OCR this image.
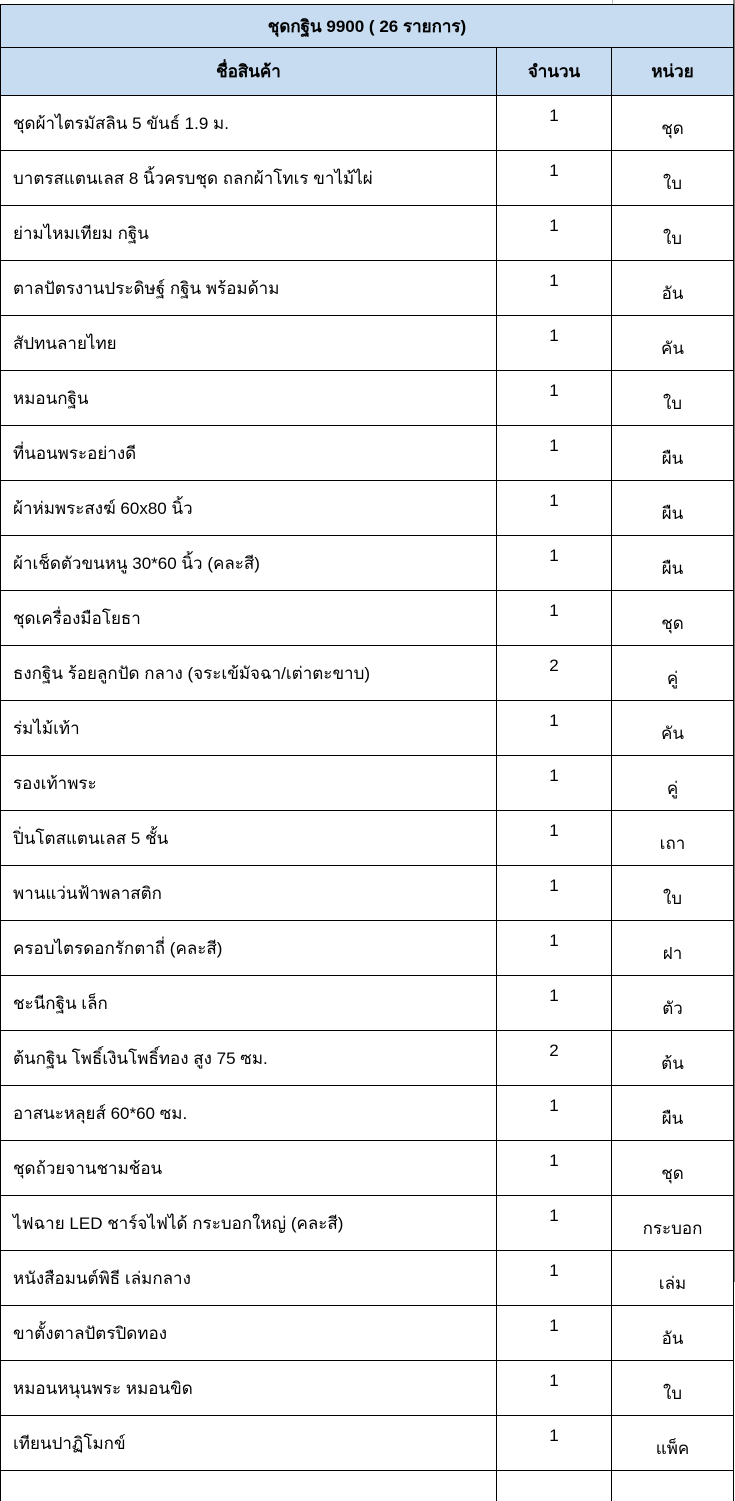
ชุดกฐิน 9900 ( 26 รายการ)		
ชื่อสินค้า	จำนวน	หน่วย
ชุดผ้าไตรมัสลิน 5 ขันธ์ 1.9 ม.	1	ชุด
บาตรสแตนเลส 8 นิ้วครบชุด ถลกผ้าโทเร ขาไม้ไผ่	1	ใบ
ย่ามไหมเทียม กฐิน	1	ใบ
ตาลปัตรงานประดิษฐ์ กฐิน พร้อมด้าม	1	อัน
สัปทนลายไทย	1	คัน
หมอนกฐิน	1	ใบ
ที่นอนพระอย่างดี	1	ผืน
ผ้าห่มพระสงฆ์ 60x80 นิ้ว	1	ผืน
ผ้าเช็ดตัวขนหนู 30*60 นิ้ว (คละสี)	1	ผืน
ชุดเครื่องมือโยธา	1	ชุด
ธงกฐิน ร้อยลูกปัด กลาง (จระเข้มัจฉา/เต่าตะขาบ)	2	คู่
ร่มไม้เท้า	1	คัน
รองเท้าพระ	1	คู่
ปิ่นโตสแตนเลส 5 ชั้น	1	เถา
พานแว่นฟ้าพลาสติก	1	ใบ
ครอบไตรดอกรักตาถี่ (คละสี)	1	ฝา
ชะนีกฐิน เล็ก	1	ตัว
ต้นกฐิน โพธิ์เงินโพธิ์ทอง สูง 75 ซม.	2	ต้น
อาสนะหลุยส์ 60*60 ซม.	1	ผืน
ชุดถ้วยจานชามช้อน	1	ชุด
ไฟฉาย LED ชาร์จไฟได้ กระบอกใหญ่ (คละสี)	1	กระบอก
หนังสือมนต์พิธี เล่มกลาง	1	เล่ม
ขาตั้งตาลปัตรปิดทอง	1	อัน
หมอนหนุนพระ หมอนขิด	1	ใบ
เทียนปาฏิโมกข์	1	แพ็ค
